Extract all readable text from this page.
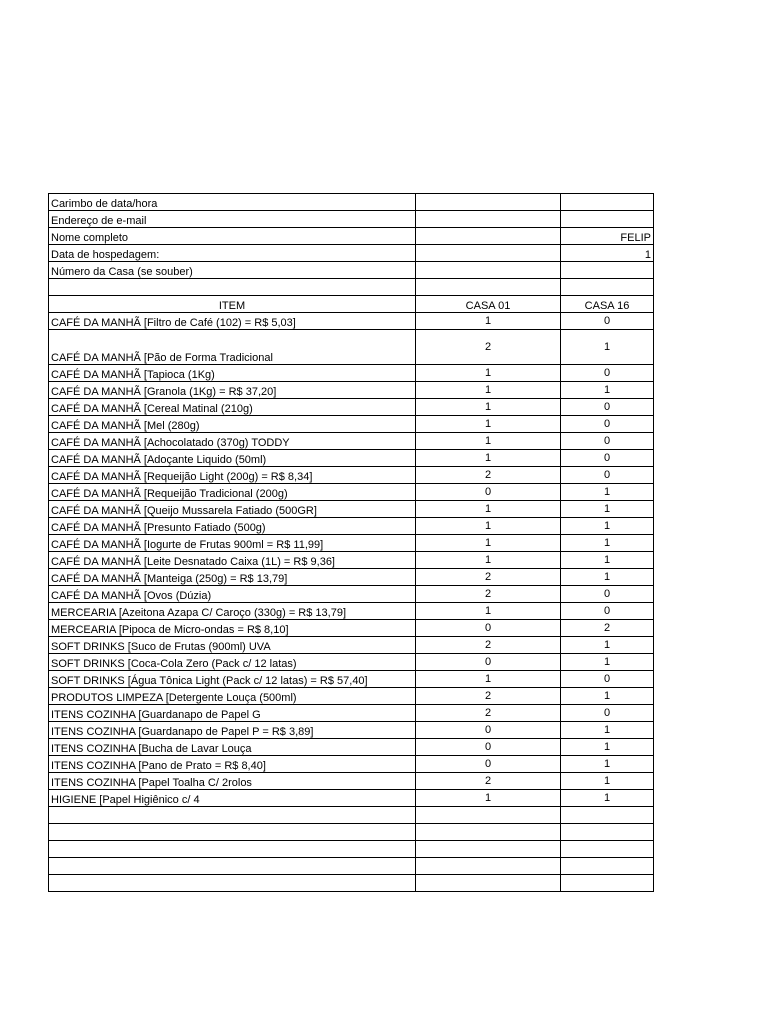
Carimbo de data/hora		
Endereço de e-mail		
Nome completo		FELIP
Data de hospedagem:		1
Número da Casa (se souber)		

ITEM	CASA 01	CASA 16
CAFÉ DA MANHÃ [Filtro de Café (102) = R$ 5,03]	1	0
CAFÉ DA MANHÃ [Pão de Forma Tradicional	2	1
CAFÉ DA MANHÃ [Tapioca (1Kg)	1	0
CAFÉ DA MANHÃ [Granola (1Kg) = R$ 37,20]	1	1
CAFÉ DA MANHÃ [Cereal Matinal (210g)	1	0
CAFÉ DA MANHÃ [Mel (280g)	1	0
CAFÉ DA MANHÃ [Achocolatado (370g) TODDY	1	0
CAFÉ DA MANHÃ [Adoçante Liquido (50ml)	1	0
CAFÉ DA MANHÃ [Requeijão Light (200g) = R$ 8,34]	2	0
CAFÉ DA MANHÃ [Requeijão Tradicional (200g)	0	1
CAFÉ DA MANHÃ [Queijo Mussarela Fatiado (500GR]	1	1
CAFÉ DA MANHÃ [Presunto Fatiado (500g)	1	1
CAFÉ DA MANHÃ [Iogurte de Frutas 900ml = R$ 11,99]	1	1
CAFÉ DA MANHÃ [Leite Desnatado Caixa (1L) = R$ 9,36]	1	1
CAFÉ DA MANHÃ [Manteiga (250g) = R$ 13,79]	2	1
CAFÉ DA MANHÃ [Ovos (Dúzia)	2	0
MERCEARIA [Azeitona Azapa C/ Caroço (330g) = R$ 13,79]	1	0
MERCEARIA [Pipoca de Micro-ondas = R$ 8,10]	0	2
SOFT DRINKS [Suco de Frutas (900ml) UVA	2	1
SOFT DRINKS [Coca-Cola Zero (Pack c/ 12 latas)	0	1
SOFT DRINKS [Água Tônica Light (Pack c/ 12 latas) = R$ 57,40]	1	0
PRODUTOS LIMPEZA [Detergente Louça (500ml)	2	1
ITENS COZINHA [Guardanapo de Papel G	2	0
ITENS COZINHA [Guardanapo de Papel P = R$ 3,89]	0	1
ITENS COZINHA [Bucha de Lavar Louça	0	1
ITENS COZINHA [Pano de Prato = R$ 8,40]	0	1
ITENS COZINHA [Papel Toalha C/ 2rolos	2	1
HIGIENE [Papel Higiênico c/ 4	1	1
